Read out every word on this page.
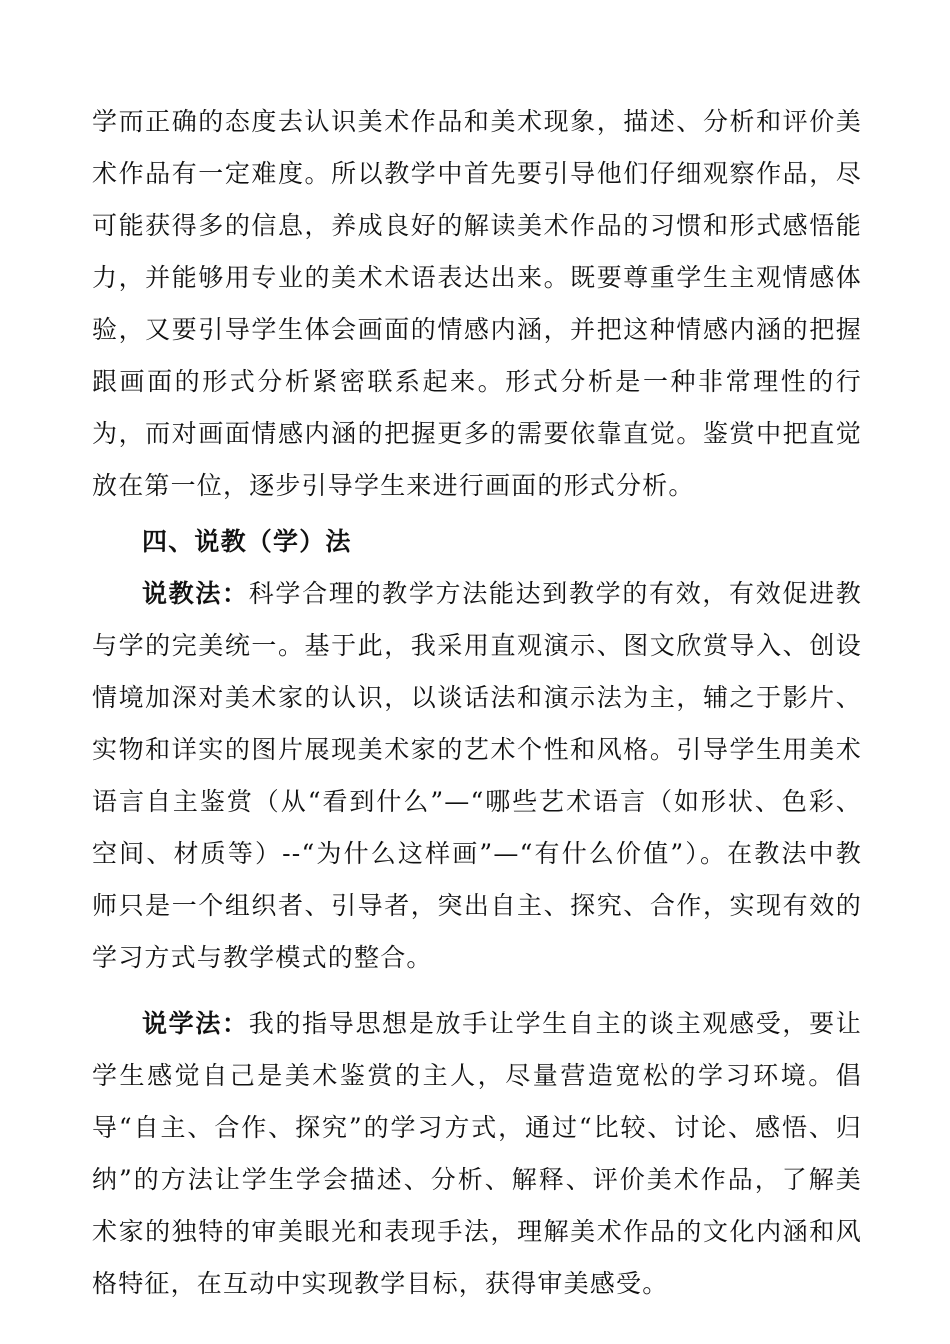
学而正确的态度去认识美术作品和美术现象，描述、分析和评价美术作品有一定难度。所以教学中首先要引导他们仔细观察作品，尽可能获得多的信息，养成良好的解读美术作品的习惯和形式感悟能力，并能够用专业的美术术语表达出来。既要尊重学生主观情感体验，又要引导学生体会画面的情感内涵，并把这种情感内涵的把握跟画面的形式分析紧密联系起来。形式分析是一种非常理性的行为，而对画面情感内涵的把握更多的需要依靠直觉。鉴赏中把直觉放在第一位，逐步引导学生来进行画面的形式分析。

四、说教（学）法

说教法：科学合理的教学方法能达到教学的有效，有效促进教与学的完美统一。基于此，我采用直观演示、图文欣赏导入、创设情境加深对美术家的认识，以谈话法和演示法为主，辅之于影片、实物和详实的图片展现美术家的艺术个性和风格。引导学生用美术语言自主鉴赏（从“看到什么”—“哪些艺术语言（如形状、色彩、空间、材质等）--“为什么这样画”—“有什么价值”）。在教法中教师只是一个组织者、引导者，突出自主、探究、合作，实现有效的学习方式与教学模式的整合。

说学法：我的指导思想是放手让学生自主的谈主观感受，要让学生感觉自己是美术鉴赏的主人，尽量营造宽松的学习环境。倡导“自主、合作、探究”的学习方式，通过“比较、讨论、感悟、归纳”的方法让学生学会描述、分析、解释、评价美术作品，了解美术家的独特的审美眼光和表现手法，理解美术作品的文化内涵和风格特征，在互动中实现教学目标，获得审美感受。
